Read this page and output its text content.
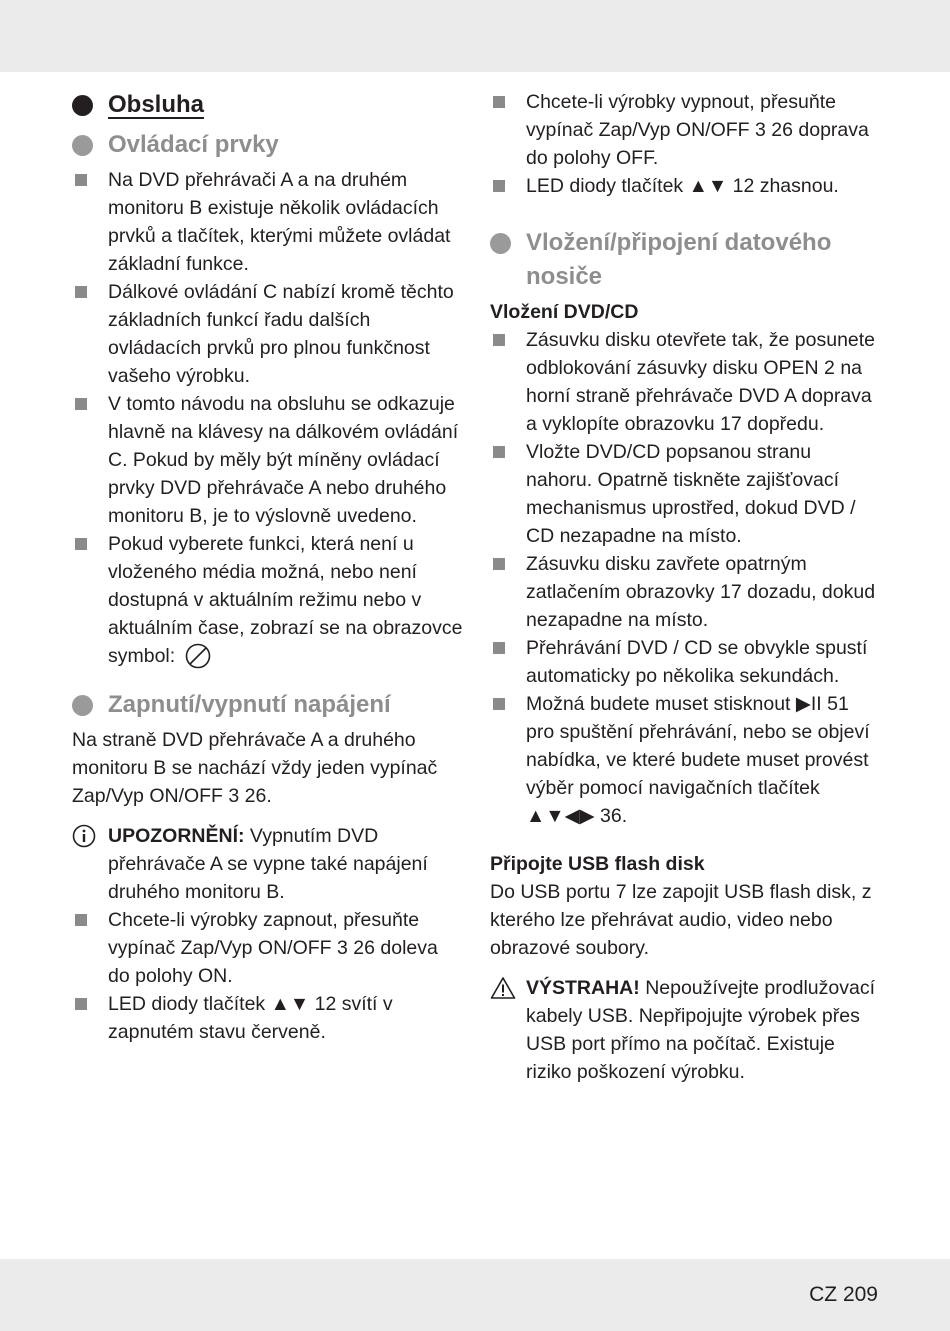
Obsluha
Ovládací prvky
Na DVD přehrávači A a na druhém monitoru B existuje několik ovládacích prvků a tlačítek, kterými můžete ovládat základní funkce.
Dálkové ovládání C nabízí kromě těchto základních funkcí řadu dalších ovládacích prvků pro plnou funkčnost vašeho výrobku.
V tomto návodu na obsluhu se odkazuje hlavně na klávesy na dálkovém ovládání C. Pokud by měly být míněny ovládací prvky DVD přehrávače A nebo druhého monitoru B, je to výslovně uvedeno.
Pokud vyberete funkci, která není u vloženého média možná, nebo není dostupná v aktuálním režimu nebo v aktuálním čase, zobrazí se na obrazovce symbol:
Zapnutí/vypnutí napájení

Na straně DVD přehrávače A a druhého monitoru B se nachází vždy jeden vypínač Zap/Vyp ON/OFF 3 26.

UPOZORNĚNÍ: Vypnutím DVD přehrávače A se vypne také napájení druhého monitoru B.
Chcete-li výrobky zapnout, přesuňte vypínač Zap/Vyp ON/OFF 3 26 doleva do polohy ON.
LED diody tlačítek ▲▼ 12 svítí v zapnutém stavu červeně.
Chcete-li výrobky vypnout, přesuňte vypínač Zap/Vyp ON/OFF 3 26 doprava do polohy OFF.
LED diody tlačítek ▲▼ 12 zhasnou.
Vložení/připojení datového nosiče
Vložení DVD/CD
Zásuvku disku otevřete tak, že posunete odblokování zásuvky disku OPEN 2 na horní straně přehrávače DVD A doprava a vyklopíte obrazovku 17 dopředu.
Vložte DVD/CD popsanou stranu nahoru. Opatrně tiskněte zajišťovací mechanismus uprostřed, dokud DVD / CD nezapadne na místo.
Zásuvku disku zavřete opatrným zatlačením obrazovky 17 dozadu, dokud nezapadne na místo.
Přehrávání DVD / CD se obvykle spustí automaticky po několika sekundách.
Možná budete muset stisknout ▶II 51 pro spuštění přehrávání, nebo se objeví nabídka, ve které budete muset provést výběr pomocí navigačních tlačítek ▲▼◀▶ 36.
Připojte USB flash disk

Do USB portu 7 lze zapojit USB flash disk, z kterého lze přehrávat audio, video nebo obrazové soubory.

VÝSTRAHA! Nepoužívejte prodlužovací kabely USB. Nepřipojujte výrobek přes USB port přímo na počítač. Existuje riziko poškození výrobku.
CZ 209
